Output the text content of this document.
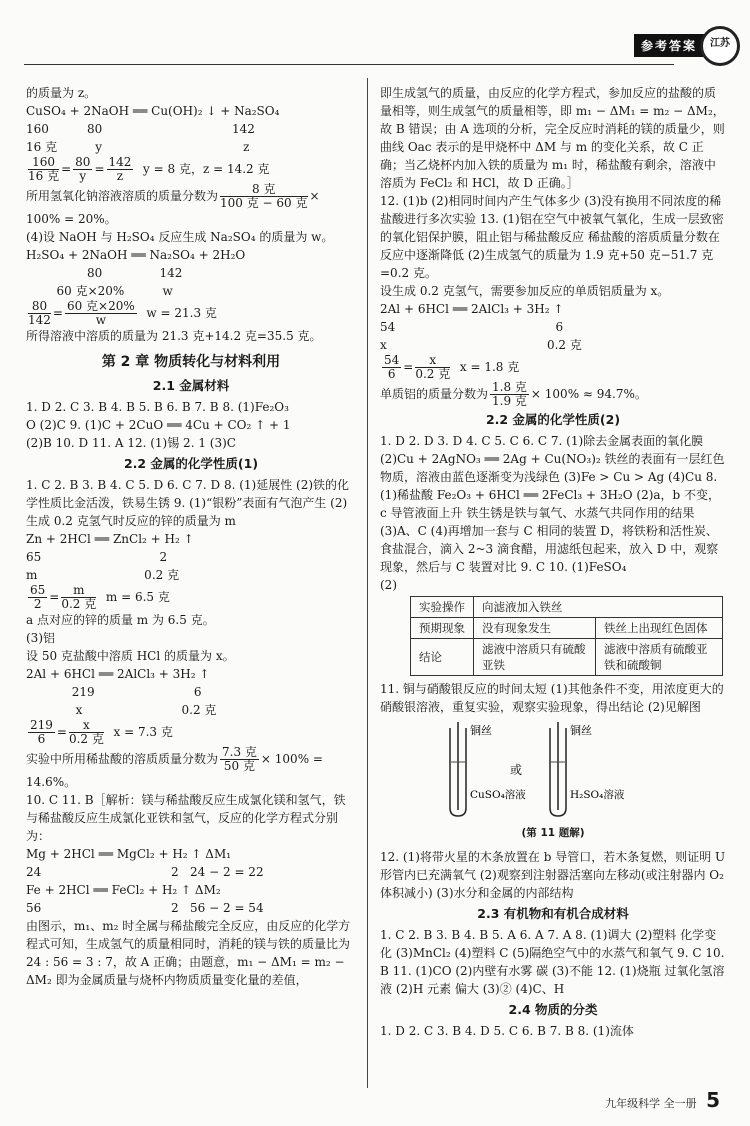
参考答案	江苏
的质量为 z。
CuSO₄ + 2NaOH ══ Cu(OH)₂ ↓ + Na₂SO₄
160          80                                  142
16 克          y                                     z
$\frac{160}{\text{16 克}} = \frac{80}{y} = \frac{142}{z}$ y = 8 克，z = 14.2 克
所用氢氧化钠溶液溶质的质量分数为 $\frac{\text{8 克}}{\text{100 克 − 60 克}}$ ×
100% = 20%。
(4)设 NaOH 与 H₂SO₄ 反应生成 Na₂SO₄ 的质量为 w。
H₂SO₄ + 2NaOH ══ Na₂SO₄ + 2H₂O
80               142
60 克×20%          w
$\frac{80}{142} = \frac{\text{60 克×20\%}}{w}$ w = 21.3 克
所得溶液中溶质的质量为 21.3 克+14.2 克=35.5 克。
第 2 章 物质转化与材料利用
2.1 金属材料
1. D 2. C 3. B 4. B 5. B 6. B 7. B 8. (1)Fe₂O₃
O (2)C 9. (1)C + 2CuO ══ 4Cu + CO₂ ↑ + 1
(2)B 10. D 11. A 12. (1)锡 2. 1 (3)C
2.2 金属的化学性质(1)
1. C 2. B 3. B 4. C 5. D 6. C 7. D 8. (1)延展性 (2)铁的化学性质比金活泼，铁易生锈 9. (1)“银粉”表面有气泡产生 (2)生成 0.2 克氢气时反应的锌的质量为 m
Zn + 2HCl ══ ZnCl₂ + H₂ ↑
65                               2
m                            0.2 克
$\frac{65}{2} = \frac{m}{\text{0.2 克}}$ m = 6.5 克
a 点对应的锌的质量 m 为 6.5 克。
(3)铝
设 50 克盐酸中溶质 HCl 的质量为 x。
2Al + 6HCl ══ 2AlCl₃ + 3H₂ ↑
219                          6
x                          0.2 克
$\frac{219}{6} = \frac{x}{\text{0.2 克}}$ x = 7.3 克
实验中所用稀盐酸的溶质质量分数为 $\frac{\text{7.3 克}}{\text{50 克}} \times 100\%$ =
14.6%。
10. C 11. B［解析：镁与稀盐酸反应生成氯化镁和氢气，铁与稀盐酸反应生成氯化亚铁和氢气，反应的化学方程式分别为：
Mg + 2HCl ══ MgCl₂ + H₂ ↑ ΔM₁
24                                  2   24 − 2 = 22
Fe + 2HCl ══ FeCl₂ + H₂ ↑ ΔM₂
56                                  2   56 − 2 = 54
由图示，m₁、m₂ 时全属与稀盐酸完全反应，由反应的化学方程式可知，生成氢气的质量相同时，消耗的镁与铁的质量比为 24 : 56 = 3 : 7，故 A 正确；由题意，m₁ − ΔM₁ = m₂ − ΔM₂ 即为金属质量与烧杯内物质质量变化量的差值，
即生成氢气的质量，由反应的化学方程式，参加反应的盐酸的质量相等，则生成氢气的质量相等，即 m₁ − ΔM₁ = m₂ − ΔM₂，故 B 错误；由 A 选项的分析，完全反应时消耗的镁的质量少，则曲线 Oac 表示的是甲烧杯中 ΔM 与 m 的变化关系，故 C 正确；当乙烧杯内加入铁的质量为 m₁ 时，稀盐酸有剩余，溶液中溶质为 FeCl₂ 和 HCl，故 D 正确。］
12. (1)b (2)相同时间内产生气体多少 (3)没有换用不同浓度的稀盐酸进行多次实验 13. (1)铝在空气中被氧气氧化，生成一层致密的氧化铝保护膜，阻止铝与稀盐酸反应 稀盐酸的溶质质量分数在反应中逐渐降低 (2)生成氢气的质量为 1.9 克+50 克−51.7 克=0.2 克。
设生成 0.2 克氢气，需要参加反应的单质铝质量为 x。
2Al + 6HCl ══ 2AlCl₃ + 3H₂ ↑
54                                          6
x                                          0.2 克
$\frac{54}{6} = \frac{x}{\text{0.2 克}}$ x = 1.8 克
单质铝的质量分数为 $\frac{\text{1.8 克}}{\text{1.9 克}} \times 100\% \approx 94.7\%$。
2.2 金属的化学性质(2)
1. D 2. D 3. D 4. C 5. C 6. C 7. (1)除去金属表面的氧化膜 (2)Cu + 2AgNO₃ ══ 2Ag + Cu(NO₃)₂ 铁丝的表面有一层红色物质，溶液由蓝色逐渐变为浅绿色 (3)Fe > Cu > Ag (4)Cu 8. (1)稀盐酸 Fe₂O₃ + 6HCl ══ 2FeCl₃ + 3H₂O (2)a，b 不变，c 导管液面上升 铁生锈是铁与氧气、水蒸气共同作用的结果 (3)A、C (4)再增加一套与 C 相同的装置 D，将铁粉和活性炭、食盐混合，滴入 2~3 滴食醋，用滤纸包起来，放入 D 中，观察现象，然后与 C 装置对比 9. C 10. (1)FeSO₄
(2)
实验操作	向滤液加入铁丝	
预期现象	没有现象发生	铁丝上出现红色固体
结论	滤液中溶质只有硫酸亚铁	滤液中溶质有硫酸亚铁和硫酸铜
11. 铜与硝酸银反应的时间太短 (1)其他条件不变，用浓度更大的硝酸银溶液，重复实验，观察实验现象，得出结论 (2)见解图
铜丝
CuSO₄溶液
或
铜丝
H₂SO₄溶液
(第 11 题解)
12. (1)将带火星的木条放置在 b 导管口，若木条复燃，则证明 U 形管内已充满氧气 (2)观察到注射器活塞向左移动(或注射器内 O₂ 体积减小) (3)水分和金属的内部结构
2.3 有机物和有机合成材料
1. C 2. B 3. B 4. B 5. A 6. A 7. A 8. (1)调大 (2)塑料 化学变化 (3)MnCl₂ (4)塑料 C (5)隔绝空气中的水蒸气和氧气 9. C 10. B 11. (1)CO (2)内壁有水雾 碳 (3)不能 12. (1)烧瓶 过氧化氢溶液 (2)H 元素 偏大 (3)② (4)C、H
2.4 物质的分类
1. D 2. C 3. B 4. D 5. C 6. B 7. B 8. (1)流体
九年级科学 全一册 5
